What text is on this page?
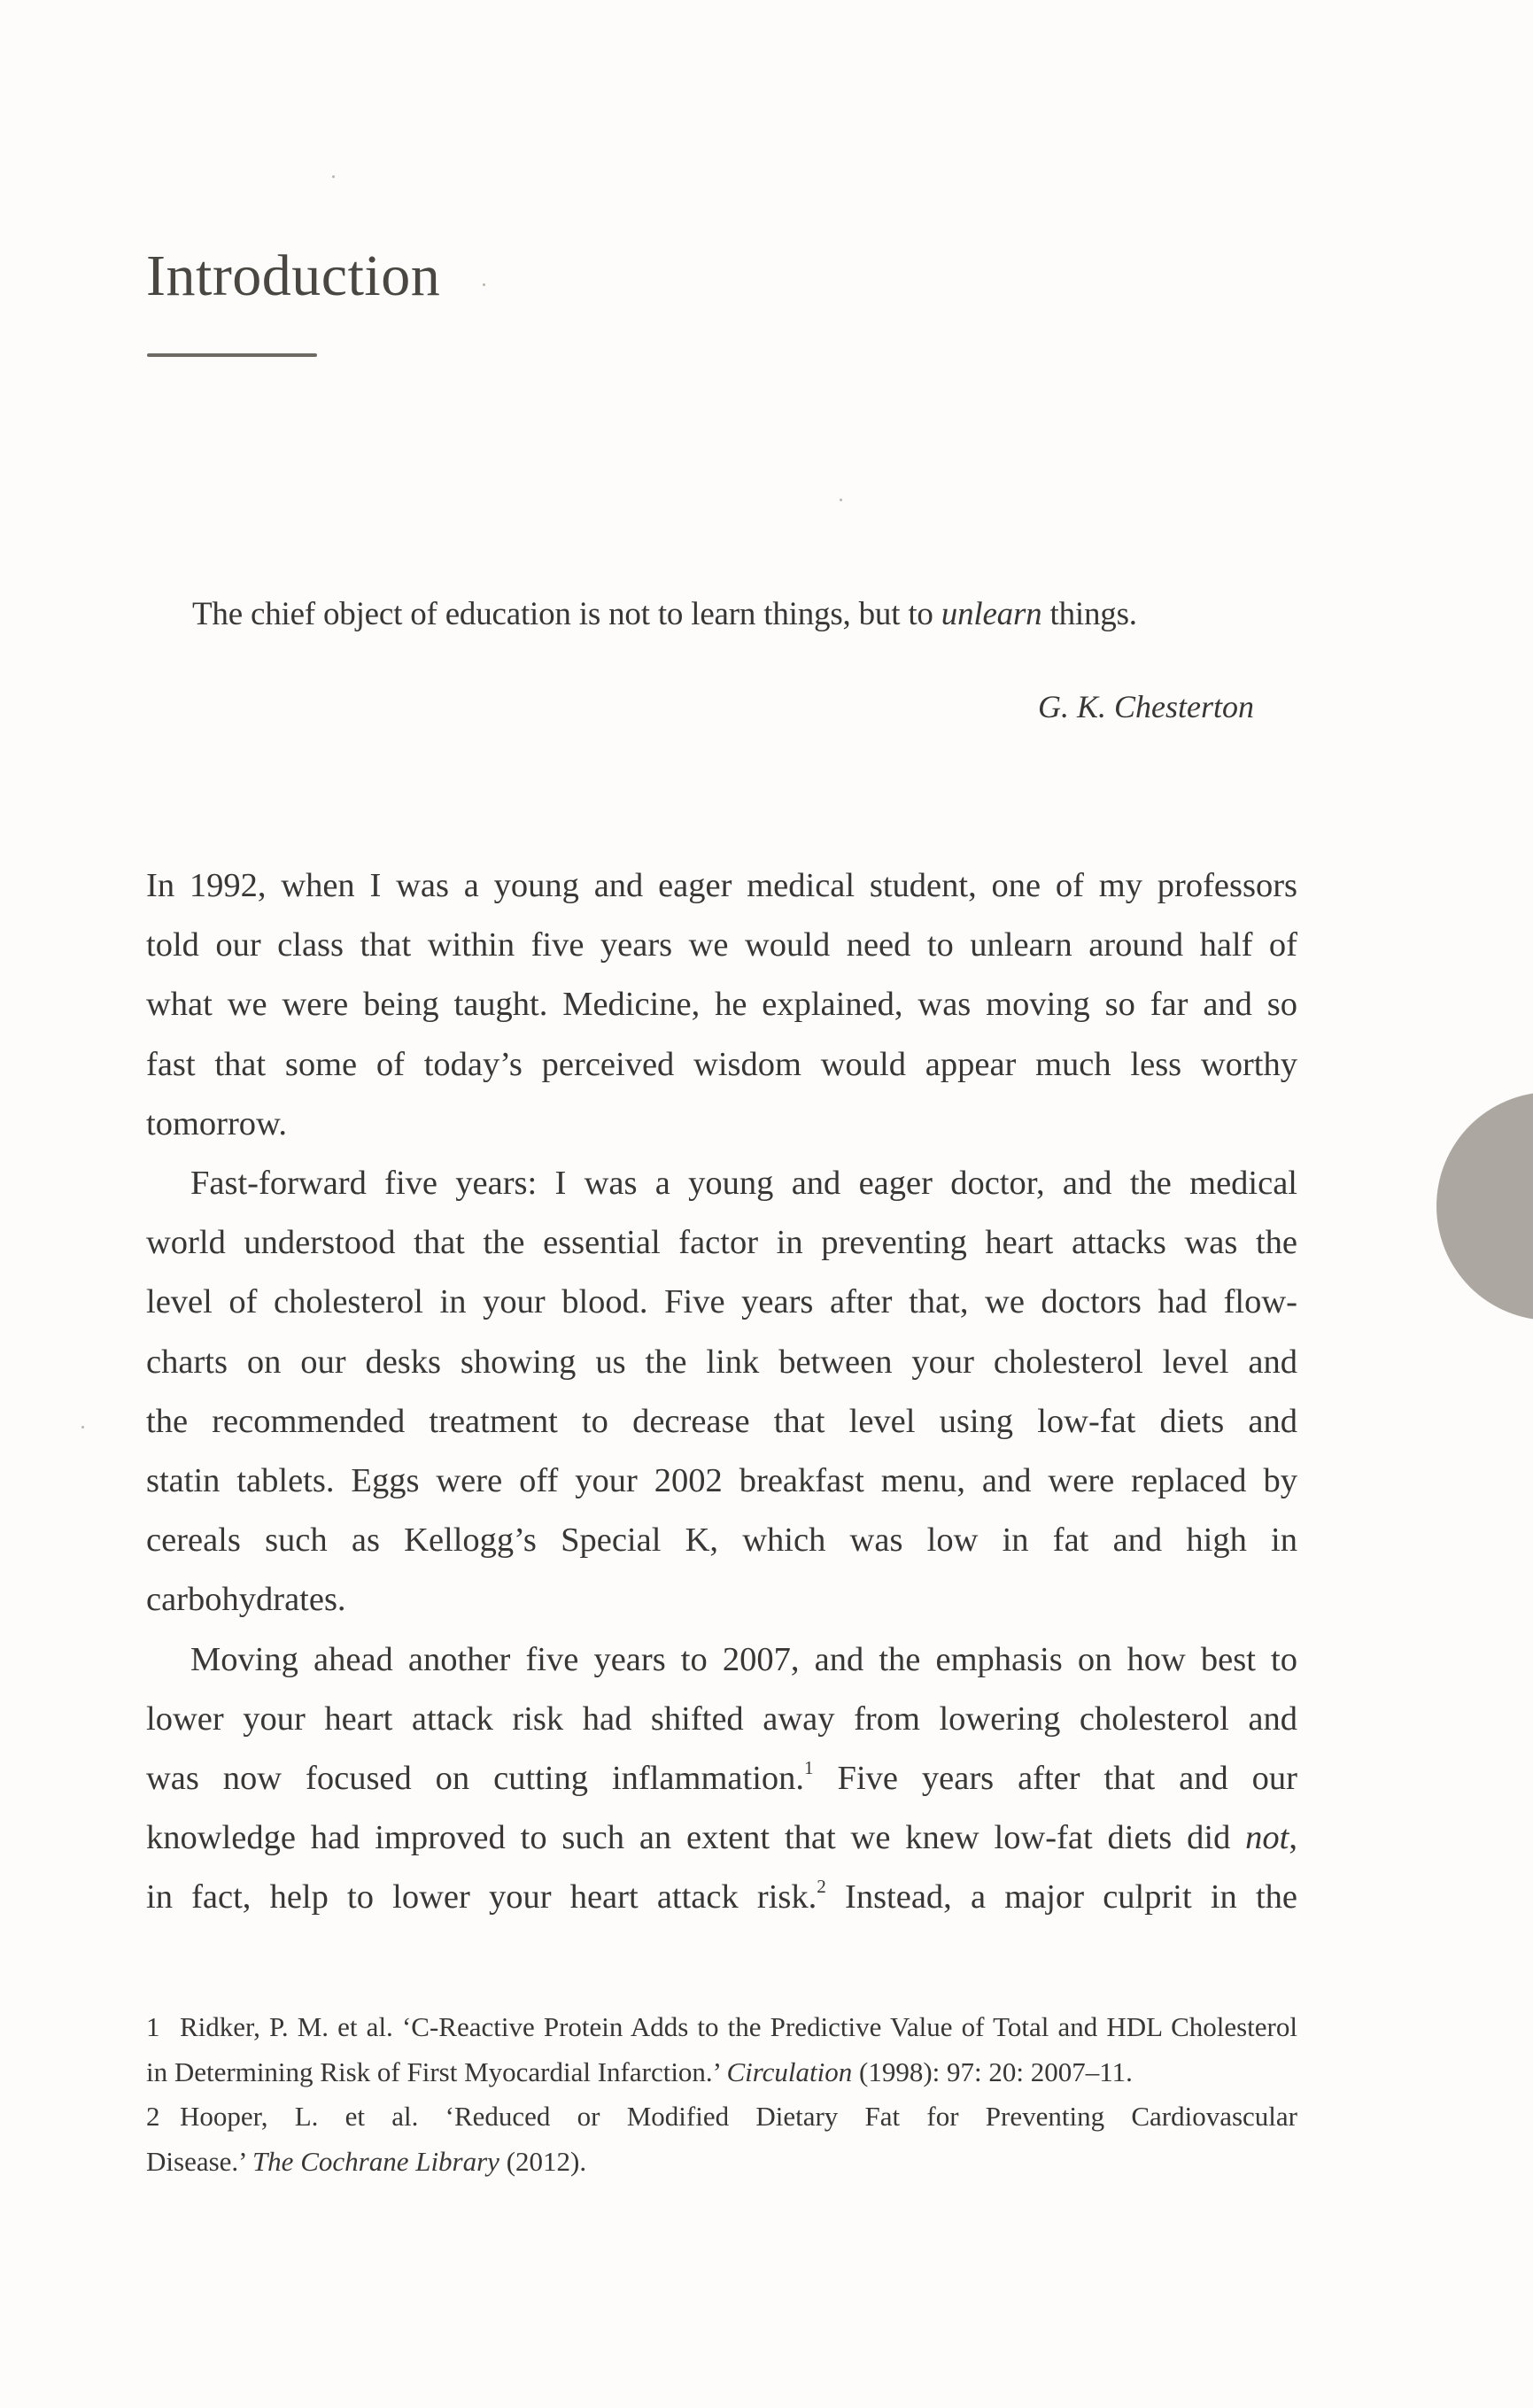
Introduction

The chief object of education is not to learn things, but to unlearn things.

G. K. Chesterton

In 1992, when I was a young and eager medical student, one of my professors
told our class that within five years we would need to unlearn around half of
what we were being taught. Medicine, he explained, was moving so far and so
fast that some of today’s perceived wisdom would appear much less worthy
tomorrow.

Fast-forward five years: I was a young and eager doctor, and the medical
world understood that the essential factor in preventing heart attacks was the
level of cholesterol in your blood. Five years after that, we doctors had flow-
charts on our desks showing us the link between your cholesterol level and
the recommended treatment to decrease that level using low-fat diets and
statin tablets. Eggs were off your 2002 breakfast menu, and were replaced by
cereals such as Kellogg’s Special K, which was low in fat and high in
carbohydrates.

Moving ahead another five years to 2007, and the emphasis on how best to
lower your heart attack risk had shifted away from lowering cholesterol and
was now focused on cutting inflammation.$^1$ Five years after that and our
knowledge had improved to such an extent that we knew low-fat diets did not,
in fact, help to lower your heart attack risk.$^2$ Instead, a major culprit in the

1 Ridker, P. M. et al. ‘C-Reactive Protein Adds to the Predictive Value of Total and HDL Cholesterol
in Determining Risk of First Myocardial Infarction.’ Circulation (1998): 97: 20: 2007–11.
2 Hooper, L. et al. ‘Reduced or Modified Dietary Fat for Preventing Cardiovascular
Disease.’ The Cochrane Library (2012).
